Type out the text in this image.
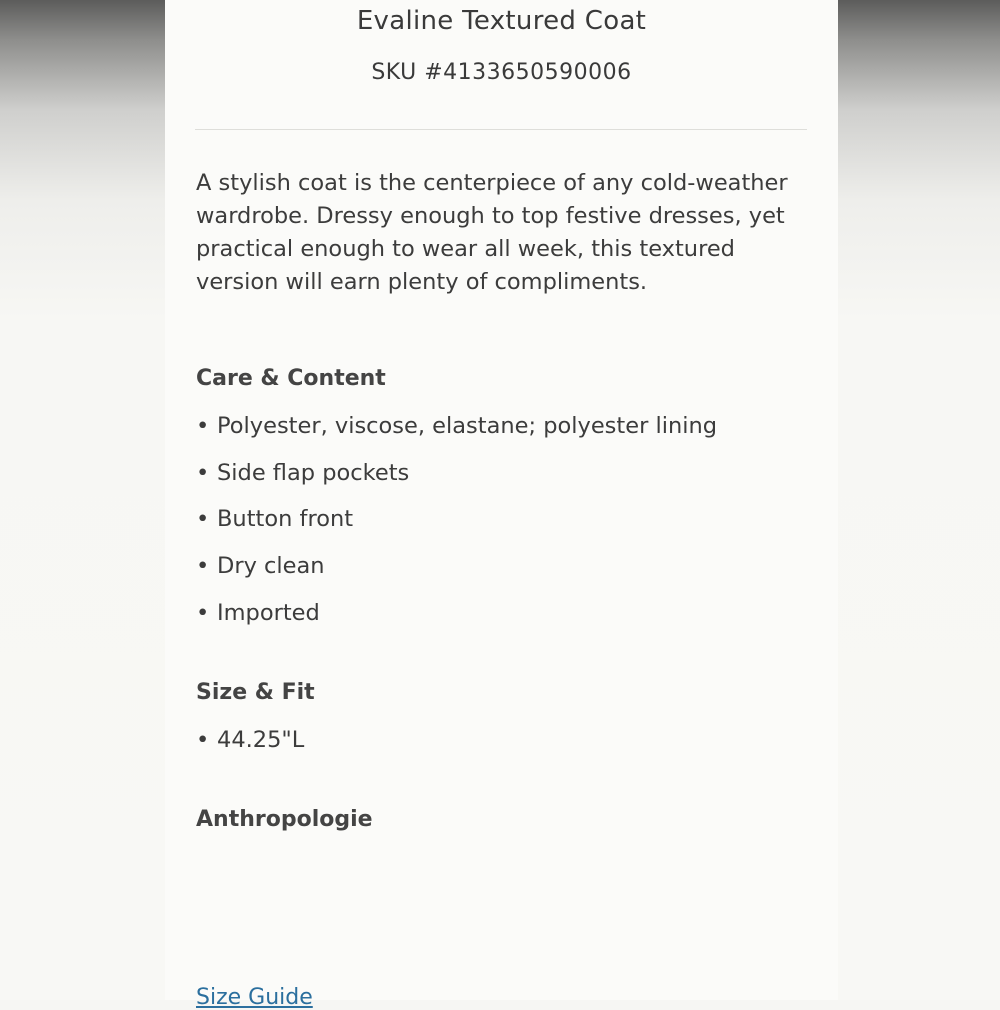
Evaline Textured Coat
SKU #4133650590006
A stylish coat is the centerpiece of any cold-weather wardrobe. Dressy enough to top festive dresses, yet practical enough to wear all week, this textured version will earn plenty of compliments.
Care & Content
• Polyester, viscose, elastane; polyester lining
• Side flap pockets
• Button front
• Dry clean
• Imported
Size & Fit
• 44.25"L
Anthropologie
Size Guide
